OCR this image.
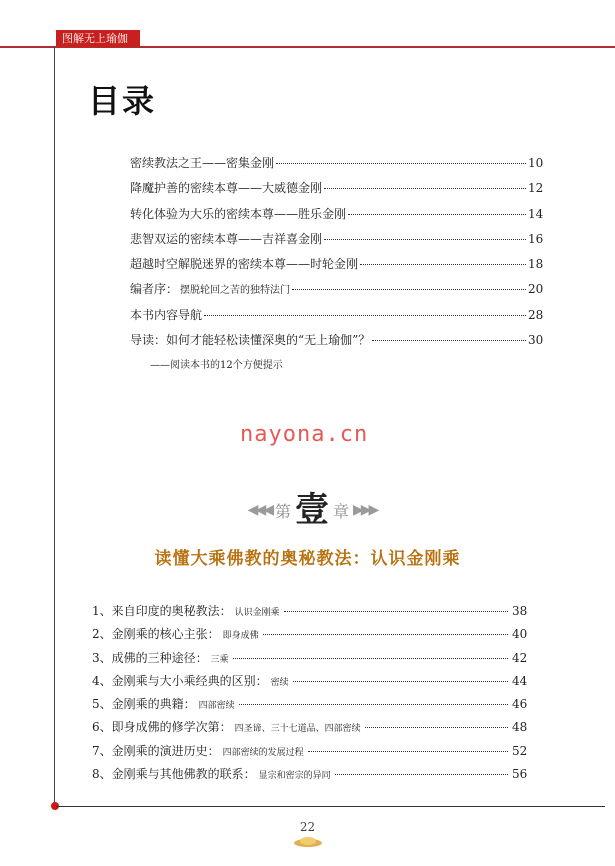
图解无上瑜伽
目录
密续教法之王——密集金刚	10
降魔护善的密续本尊——大威德金刚	12
转化体验为大乐的密续本尊——胜乐金刚	14
悲智双运的密续本尊——吉祥喜金刚	16
超越时空解脱迷界的密续本尊——时轮金刚	18
编者序： 摆脱轮回之苦的独特法门	20
本书内容导航	28
导读：如何才能轻松读懂深奥的“无上瑜伽”？	30
——阅读本书的12个方便提示
nayona.cn
◀◀◀ 第 壹 章 ▶▶▶
读懂大乘佛教的奥秘教法：认识金刚乘
1、来自印度的奥秘教法： 认识金刚乘	38
2、金刚乘的核心主张： 即身成佛	40
3、成佛的三种途径： 三乘	42
4、金刚乘与大小乘经典的区别： 密续	44
5、金刚乘的典籍： 四部密续	46
6、即身成佛的修学次第： 四圣谛、三十七道品、四部密续	48
7、金刚乘的演进历史： 四部密续的发展过程	52
8、金刚乘与其他佛教的联系： 显宗和密宗的异同	56
22
